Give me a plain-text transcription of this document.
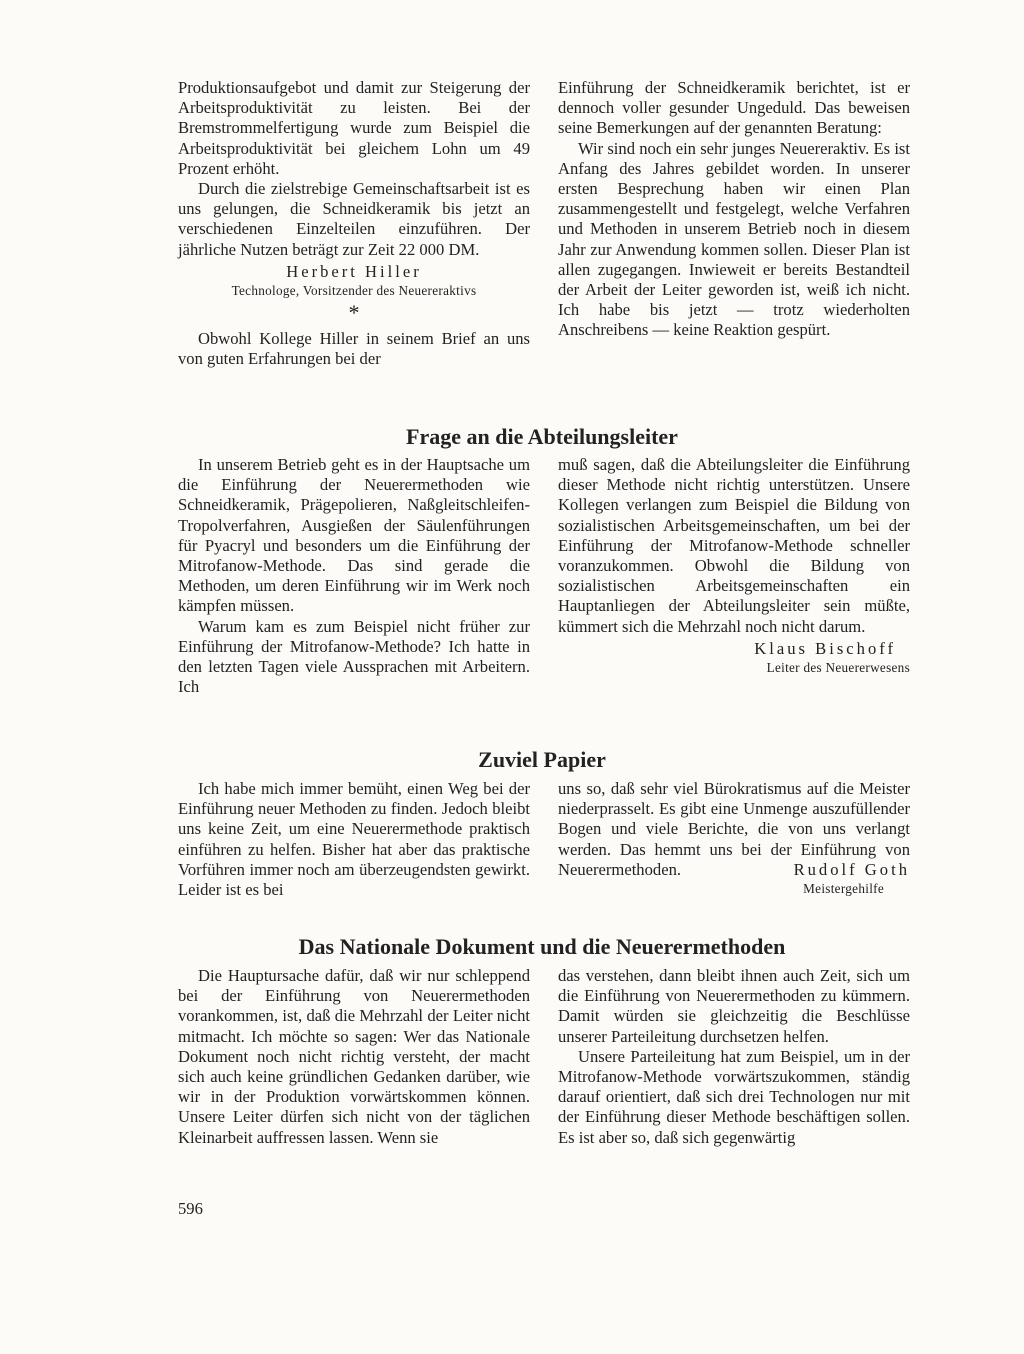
Produktionsaufgebot und damit zur Steigerung der Arbeitsproduktivität zu leisten. Bei der Bremstrommelfertigung wurde zum Beispiel die Arbeitsproduktivität bei gleichem Lohn um 49 Prozent erhöht.

Durch die zielstrebige Gemeinschaftsarbeit ist es uns gelungen, die Schneidkeramik bis jetzt an verschiedenen Einzelteilen einzuführen. Der jährliche Nutzen beträgt zur Zeit 22 000 DM.

Herbert Hiller
Technologe, Vorsitzender des Neuereraktivs
*

Obwohl Kollege Hiller in seinem Brief an uns von guten Erfahrungen bei der

Einführung der Schneidkeramik berichtet, ist er dennoch voller gesunder Ungeduld. Das beweisen seine Bemerkungen auf der genannten Beratung:

Wir sind noch ein sehr junges Neuereraktiv. Es ist Anfang des Jahres gebildet worden. In unserer ersten Besprechung haben wir einen Plan zusammengestellt und festgelegt, welche Verfahren und Methoden in unserem Betrieb noch in diesem Jahr zur Anwendung kommen sollen. Dieser Plan ist allen zugegangen. Inwieweit er bereits Bestandteil der Arbeit der Leiter geworden ist, weiß ich nicht. Ich habe bis jetzt — trotz wiederholten Anschreibens — keine Reaktion gespürt.

Frage an die Abteilungsleiter

In unserem Betrieb geht es in der Hauptsache um die Einführung der Neuerermethoden wie Schneidkeramik, Prägepolieren, Naßgleitschleifen-Tropolverfahren, Ausgießen der Säulenführungen für Pyacryl und besonders um die Einführung der Mitrofanow-Methode. Das sind gerade die Methoden, um deren Einführung wir im Werk noch kämpfen müssen.

Warum kam es zum Beispiel nicht früher zur Einführung der Mitrofanow-Methode? Ich hatte in den letzten Tagen viele Aussprachen mit Arbeitern. Ich

muß sagen, daß die Abteilungsleiter die Einführung dieser Methode nicht richtig unterstützen. Unsere Kollegen verlangen zum Beispiel die Bildung von sozialistischen Arbeitsgemeinschaften, um bei der Einführung der Mitrofanow-Methode schneller voranzukommen. Obwohl die Bildung von sozialistischen Arbeitsgemeinschaften ein Hauptanliegen der Abteilungsleiter sein müßte, kümmert sich die Mehrzahl noch nicht darum.

Klaus Bischoff
Leiter des Neuererwesens
Zuviel Papier

Ich habe mich immer bemüht, einen Weg bei der Einführung neuer Methoden zu finden. Jedoch bleibt uns keine Zeit, um eine Neuerermethode praktisch einführen zu helfen. Bisher hat aber das praktische Vorführen immer noch am überzeugendsten gewirkt. Leider ist es bei

uns so, daß sehr viel Bürokratismus auf die Meister niederprasselt. Es gibt eine Unmenge auszufüllender Bogen und viele Berichte, die von uns verlangt werden. Das hemmt uns bei der Einführung von Neuerermethoden.	Rudolf Goth
Meistergehilfe
Das Nationale Dokument und die Neuerermethoden

Die Hauptursache dafür, daß wir nur schleppend bei der Einführung von Neuerermethoden vorankommen, ist, daß die Mehrzahl der Leiter nicht mitmacht. Ich möchte so sagen: Wer das Nationale Dokument noch nicht richtig versteht, der macht sich auch keine gründlichen Gedanken darüber, wie wir in der Produktion vorwärtskommen können. Unsere Leiter dürfen sich nicht von der täglichen Kleinarbeit auffressen lassen. Wenn sie

das verstehen, dann bleibt ihnen auch Zeit, sich um die Einführung von Neuerermethoden zu kümmern. Damit würden sie gleichzeitig die Beschlüsse unserer Parteileitung durchsetzen helfen.

Unsere Parteileitung hat zum Beispiel, um in der Mitrofanow-Methode vorwärtszukommen, ständig darauf orientiert, daß sich drei Technologen nur mit der Einführung dieser Methode beschäftigen sollen. Es ist aber so, daß sich gegenwärtig

596
